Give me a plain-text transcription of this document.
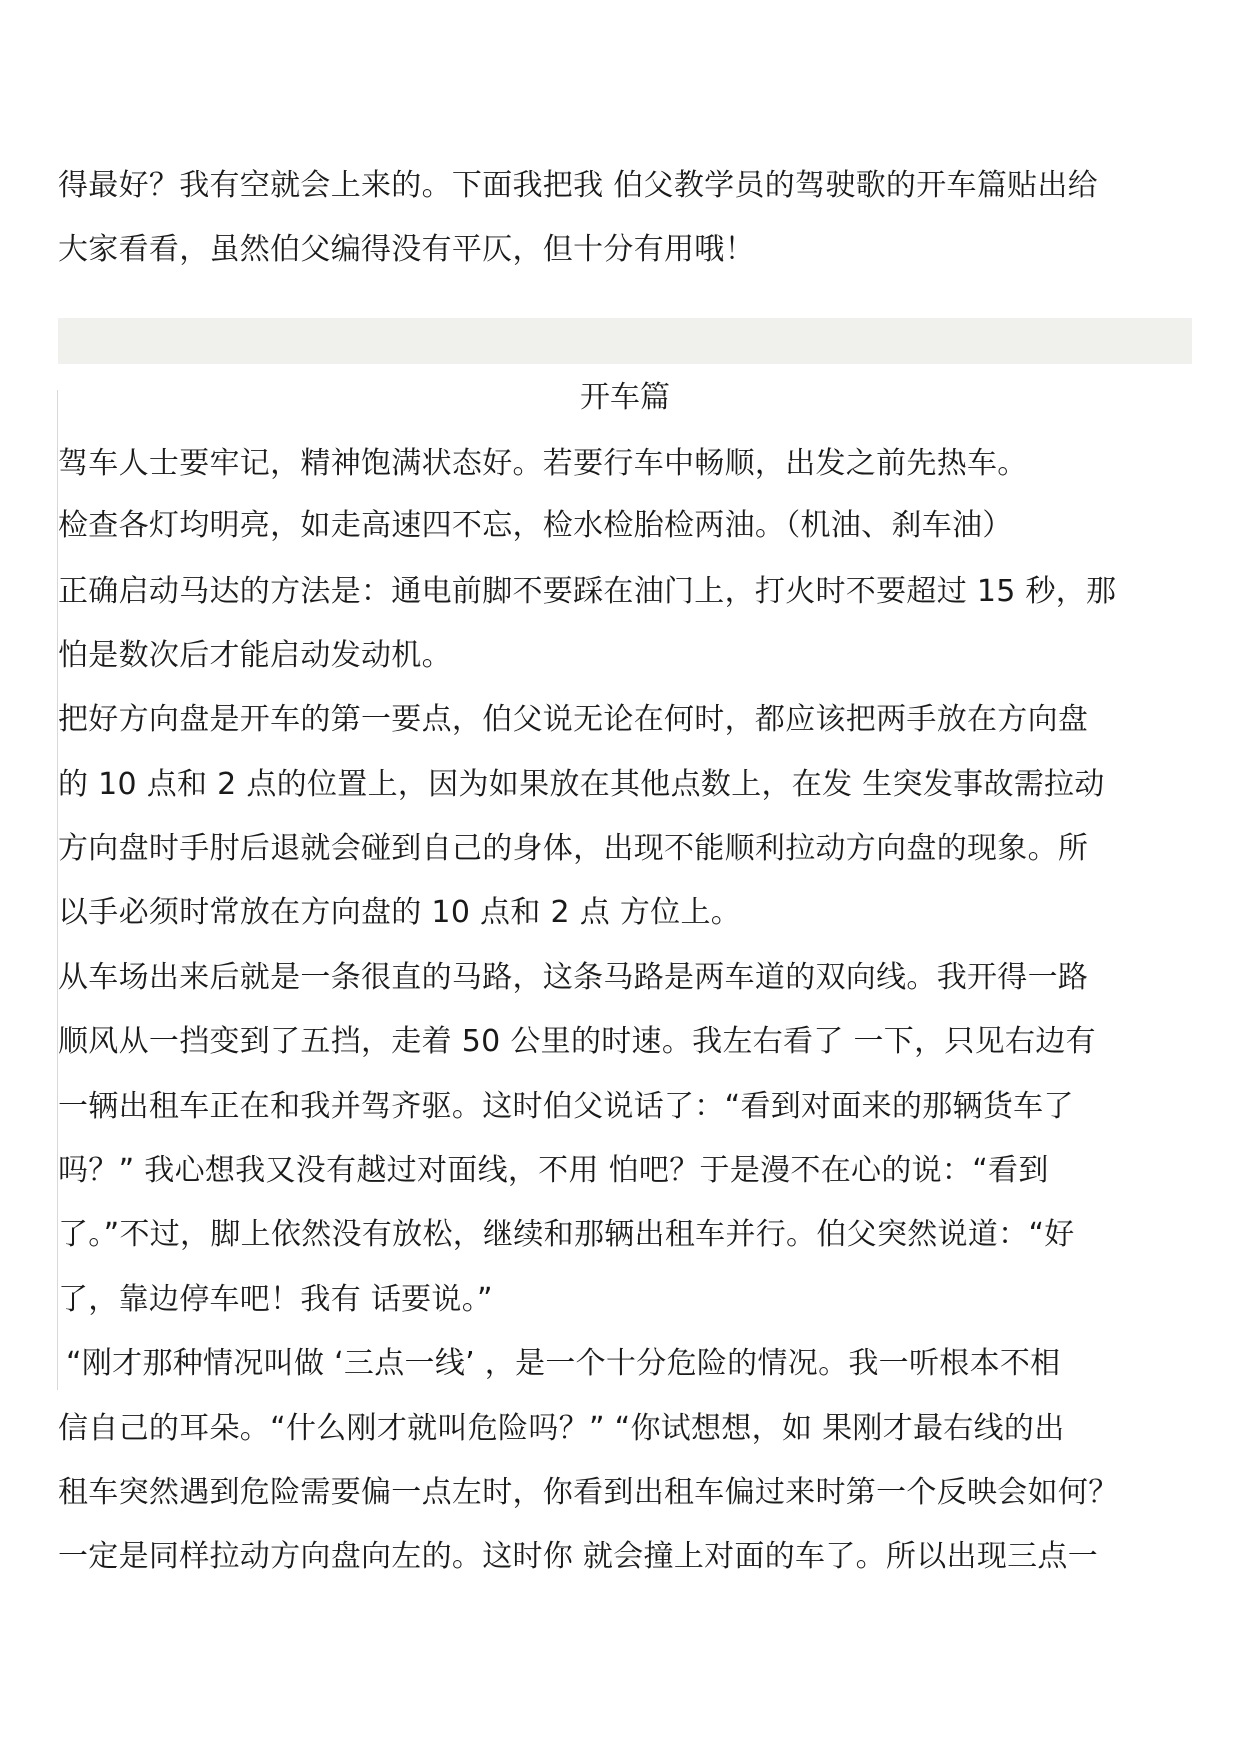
得最好？我有空就会上来的。下面我把我 伯父教学员的驾驶歌的开车篇贴出给
大家看看，虽然伯父编得没有平仄，但十分有用哦！
开车篇
驾车人士要牢记，精神饱满状态好。若要行车中畅顺，出发之前先热车。
检查各灯均明亮，如走高速四不忘，检水检胎检两油。（机油、刹车油）
正确启动马达的方法是：通电前脚不要踩在油门上，打火时不要超过 15 秒，那
怕是数次后才能启动发动机。
把好方向盘是开车的第一要点，伯父说无论在何时，都应该把两手放在方向盘
的 10 点和 2 点的位置上，因为如果放在其他点数上，在发 生突发事故需拉动
方向盘时手肘后退就会碰到自己的身体，出现不能顺利拉动方向盘的现象。所
以手必须时常放在方向盘的 10 点和 2 点 方位上。
从车场出来后就是一条很直的马路，这条马路是两车道的双向线。我开得一路
顺风从一挡变到了五挡，走着 50 公里的时速。我左右看了 一下，只见右边有
一辆出租车正在和我并驾齐驱。这时伯父说话了：“看到对面来的那辆货车了
吗？” 我心想我又没有越过对面线，不用 怕吧？于是漫不在心的说：“看到
了。”不过，脚上依然没有放松，继续和那辆出租车并行。伯父突然说道：“好
了，靠边停车吧！我有 话要说。”
“刚才那种情况叫做 ‘三点一线’ ，是一个十分危险的情况。我一听根本不相
信自己的耳朵。“什么刚才就叫危险吗？” “你试想想，如 果刚才最右线的出
租车突然遇到危险需要偏一点左时，你看到出租车偏过来时第一个反映会如何？
一定是同样拉动方向盘向左的。这时你 就会撞上对面的车了。所以出现三点一
